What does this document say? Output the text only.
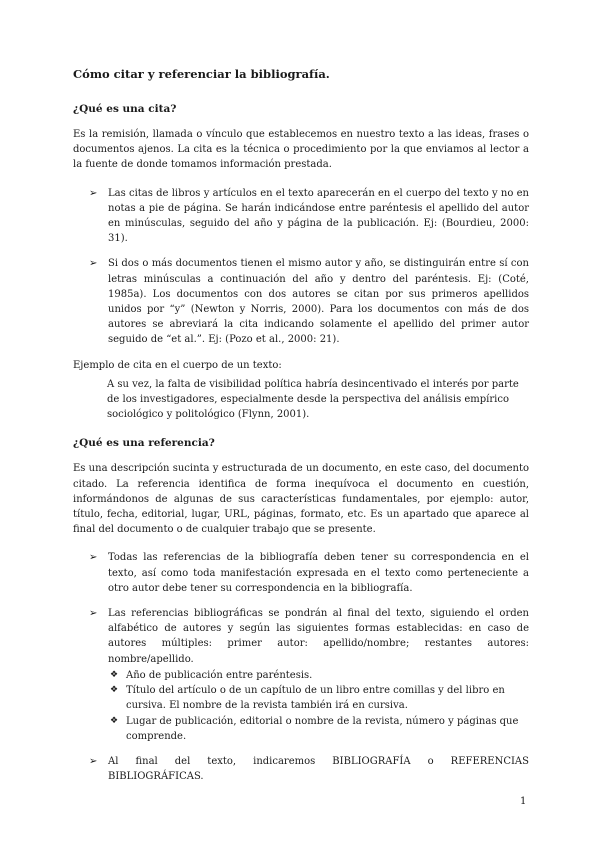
Cómo citar y referenciar la bibliografía.
¿Qué es una cita?

Es la remisión, llamada o vínculo que establecemos en nuestro texto a las ideas, frases o documentos ajenos. La cita es la técnica o procedimiento por la que enviamos al lector a la fuente de donde tomamos información prestada.

➢ Las citas de libros y artículos en el texto aparecerán en el cuerpo del texto y no en notas a pie de página. Se harán indicándose entre paréntesis el apellido del autor en minúsculas, seguido del año y página de la publicación. Ej: (Bourdieu, 2000: 31).
➢ Si dos o más documentos tienen el mismo autor y año, se distinguirán entre sí con letras minúsculas a continuación del año y dentro del paréntesis. Ej: (Coté, 1985a). Los documentos con dos autores se citan por sus primeros apellidos unidos por “y” (Newton y Norris, 2000). Para los documentos con más de dos autores se abreviará la cita indicando solamente el apellido del primer autor seguido de “et al.”. Ej: (Pozo et al., 2000: 21).

Ejemplo de cita en el cuerpo de un texto:

A su vez, la falta de visibilidad política habría desincentivado el interés por parte de los investigadores, especialmente desde la perspectiva del análisis empírico sociológico y politológico (Flynn, 2001).
¿Qué es una referencia?

Es una descripción sucinta y estructurada de un documento, en este caso, del documento citado. La referencia identifica de forma inequívoca el documento en cuestión, informándonos de algunas de sus características fundamentales, por ejemplo: autor, título, fecha, editorial, lugar, URL, páginas, formato, etc. Es un apartado que aparece al final del documento o de cualquier trabajo que se presente.

➢ Todas las referencias de la bibliografía deben tener su correspondencia en el texto, así como toda manifestación expresada en el texto como perteneciente a otro autor debe tener su correspondencia en la bibliografía.
➢ Las referencias bibliográficas se pondrán al final del texto, siguiendo el orden alfabético de autores y según las siguientes formas establecidas: en caso de autores múltiples: primer autor: apellido/nombre; restantes autores: nombre/apellido.
❖ Año de publicación entre paréntesis.
❖ Título del artículo o de un capítulo de un libro entre comillas y del libro en cursiva. El nombre de la revista también irá en cursiva.
❖ Lugar de publicación, editorial o nombre de la revista, número y páginas que comprende.
➢ Al final del texto, indicaremos BIBLIOGRAFÍA o REFERENCIAS BIBLIOGRÁFICAS.
1
